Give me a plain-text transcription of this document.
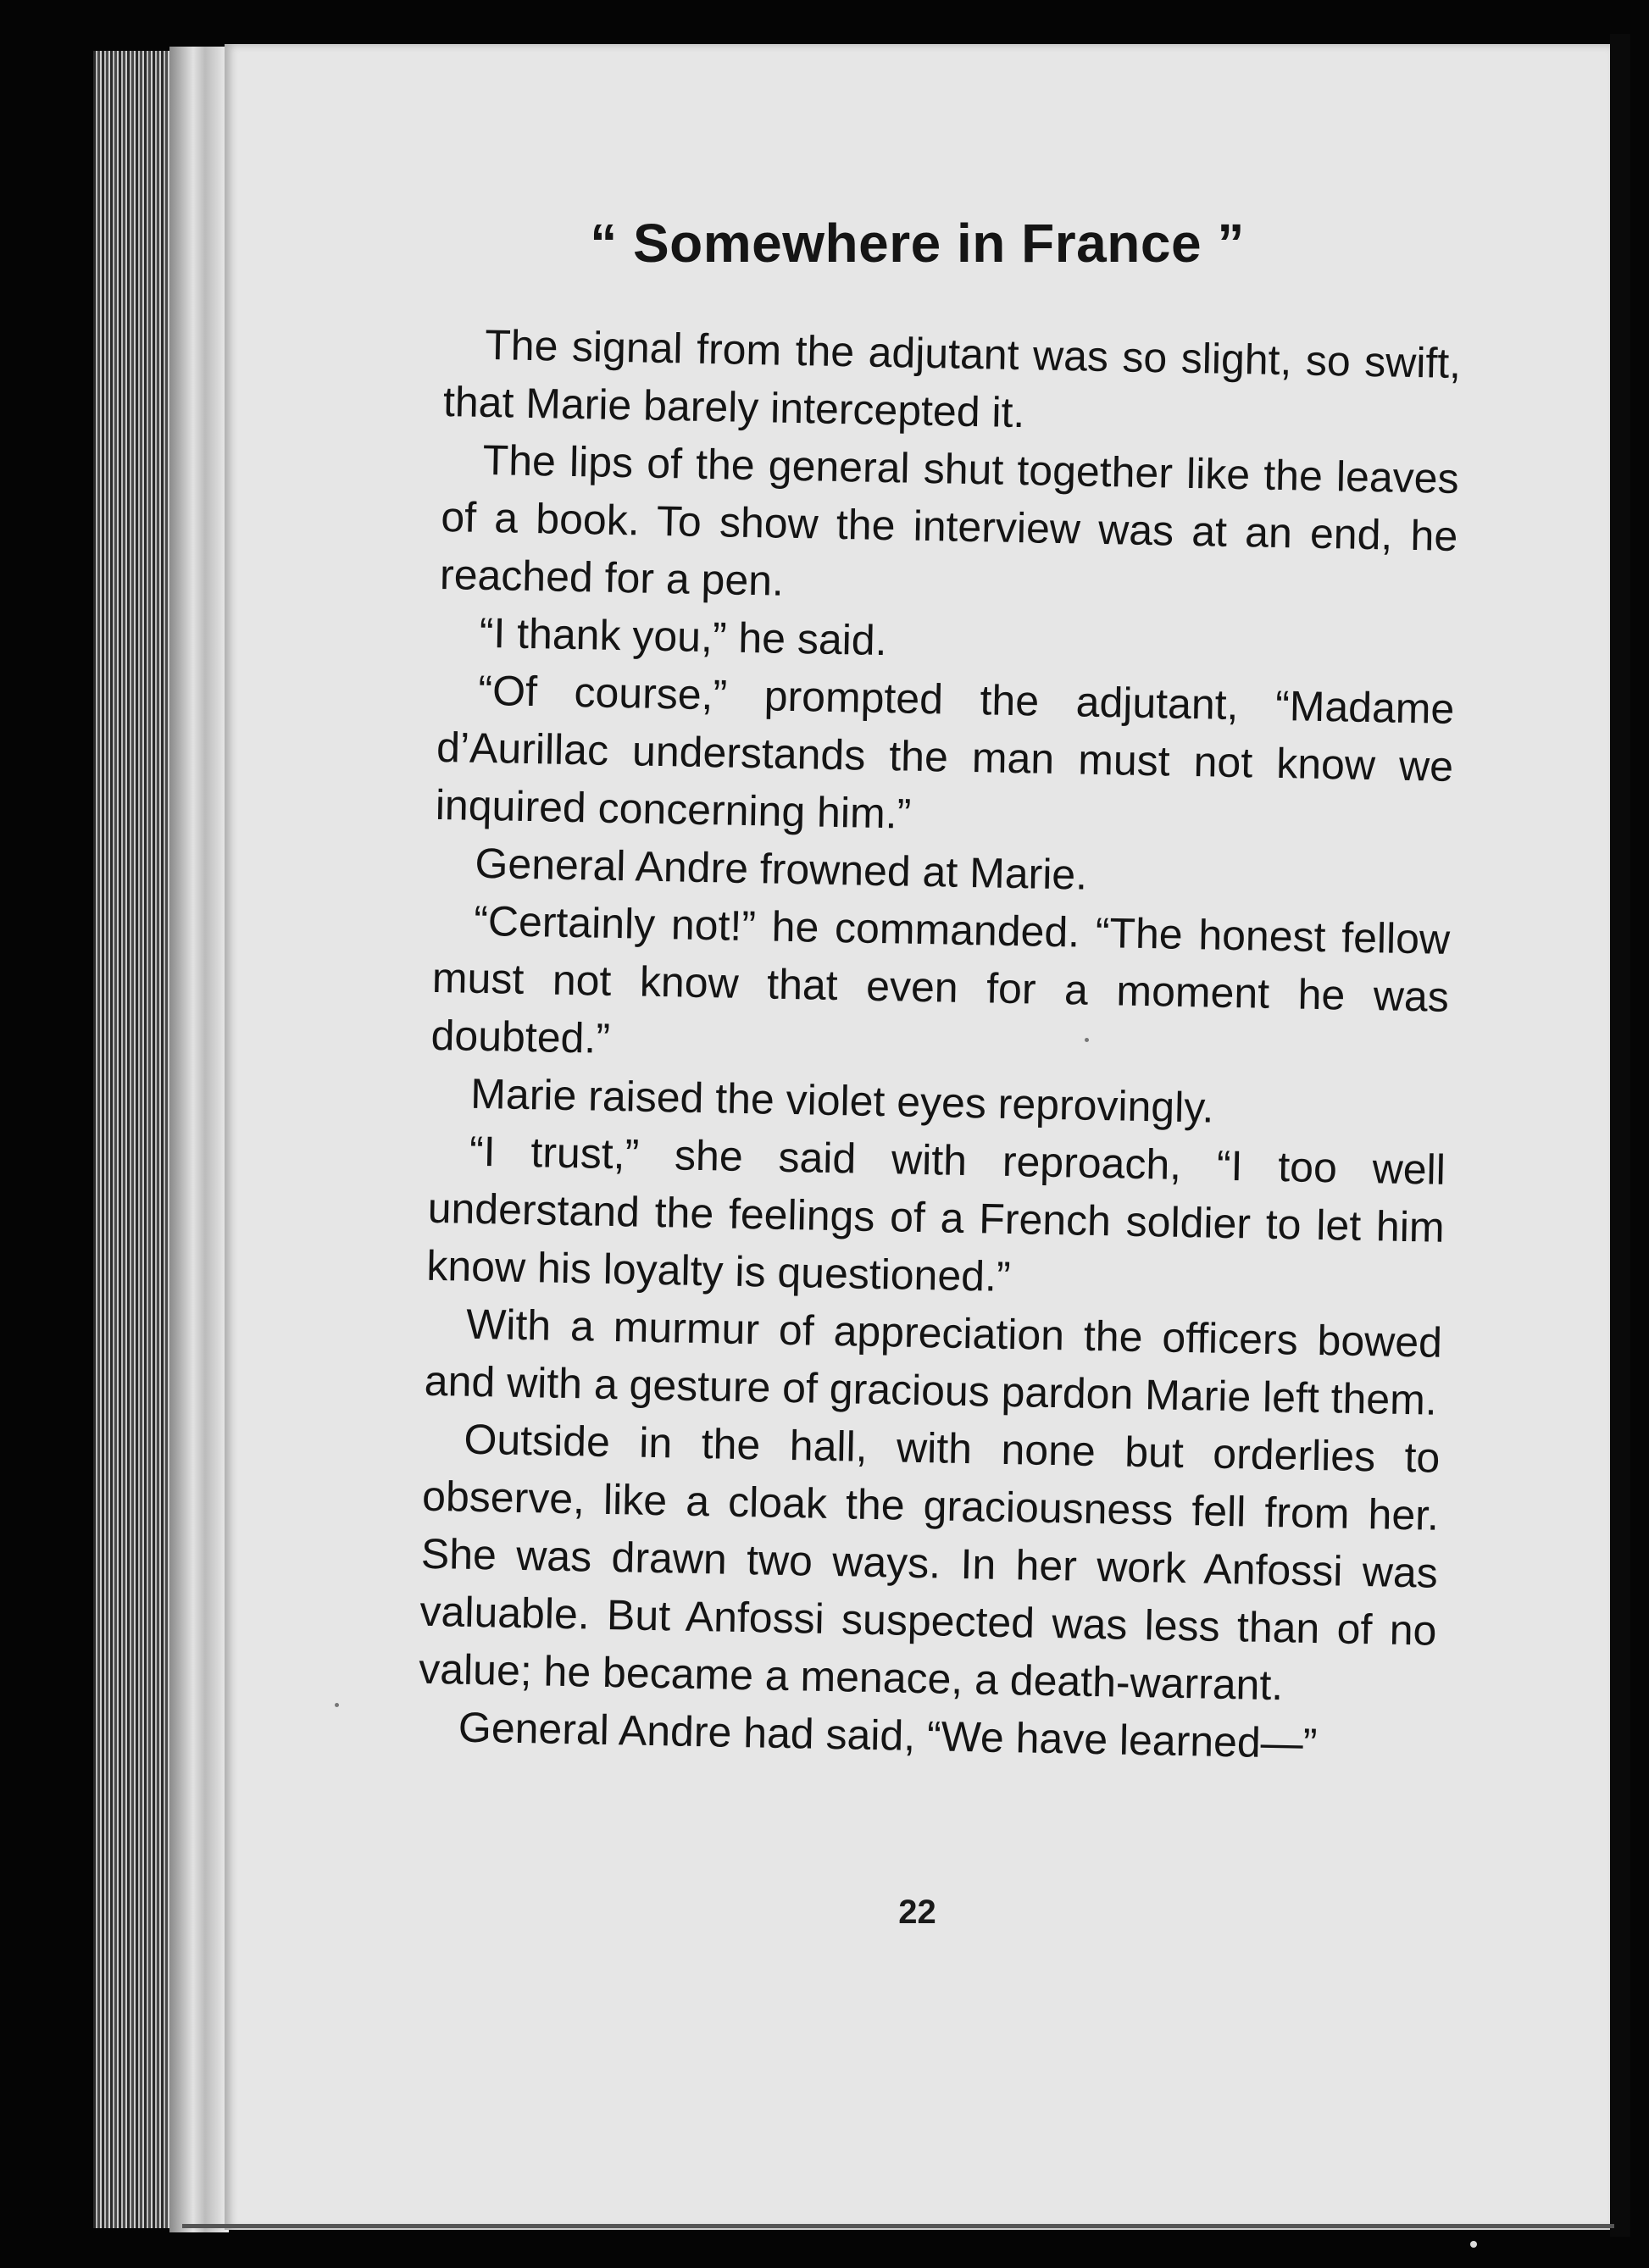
“ Somewhere in France ”

The signal from the adjutant was so slight, so swift, that Marie barely intercepted it.

The lips of the general shut together like the leaves of a book. To show the interview was at an end, he reached for a pen.

“I thank you,” he said.

“Of course,” prompted the adjutant, “Madame d’Aurillac understands the man must not know we inquired concerning him.”

General Andre frowned at Marie.

“Certainly not!” he commanded. “The honest fellow must not know that even for a moment he was doubted.”

Marie raised the violet eyes reprovingly.

“I trust,” she said with reproach, “I too well understand the feelings of a French soldier to let him know his loyalty is questioned.”

With a murmur of appreciation the officers bowed and with a gesture of gracious pardon Marie left them.

Outside in the hall, with none but orderlies to observe, like a cloak the graciousness fell from her. She was drawn two ways. In her work Anfossi was valuable. But Anfossi suspected was less than of no value; he became a menace, a death-warrant.

General Andre had said, “We have learned—”

22
